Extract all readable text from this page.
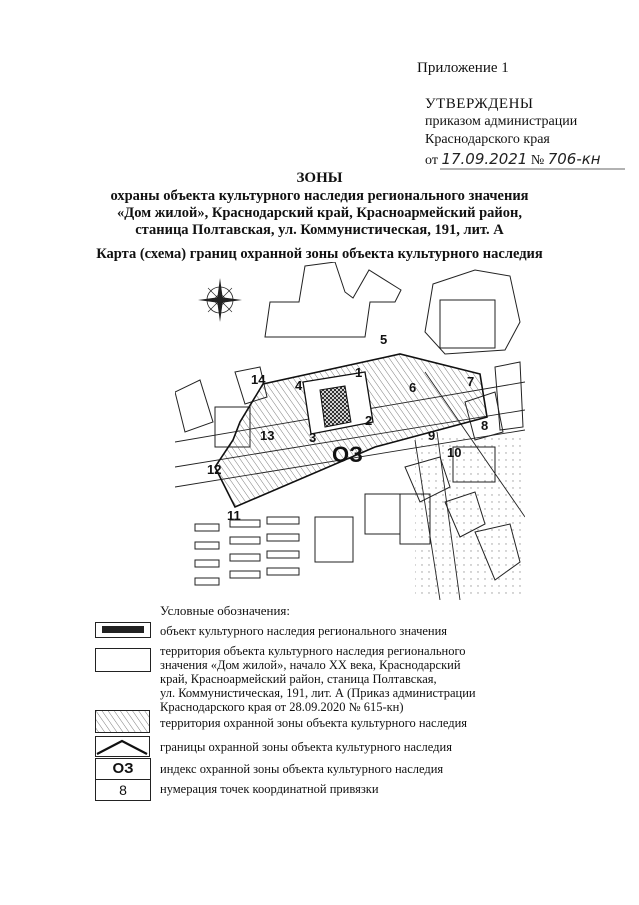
Приложение 1
УТВЕРЖДЕНЫ
приказом администрации
Краснодарского края
от 17.09.2021 № 706-кн
ЗОНЫ
охраны объекта культурного наследия регионального значения
«Дом жилой», Краснодарский край, Красноармейский район,
станица Полтавская, ул. Коммунистическая, 191, лит. А
Карта (схема) границ охранной зоны объекта культурного наследия
ОЗ
1
2
3
4
5
6	7
8
9
10
11
12
13
14
Условные обозначения:
объект культурного наследия регионального значения
территория объекта культурного наследия регионального
значения «Дом жилой», начало XX века, Краснодарский
край, Красноармейский район, станица Полтавская,
ул. Коммунистическая, 191, лит. А (Приказ администрации
Краснодарского края от 28.09.2020 № 615-кн)
территория охранной зоны объекта культурного наследия
границы охранной зоны объекта культурного наследия
ОЗ	индекс охранной зоны объекта культурного наследия
8	нумерация точек координатной привязки
